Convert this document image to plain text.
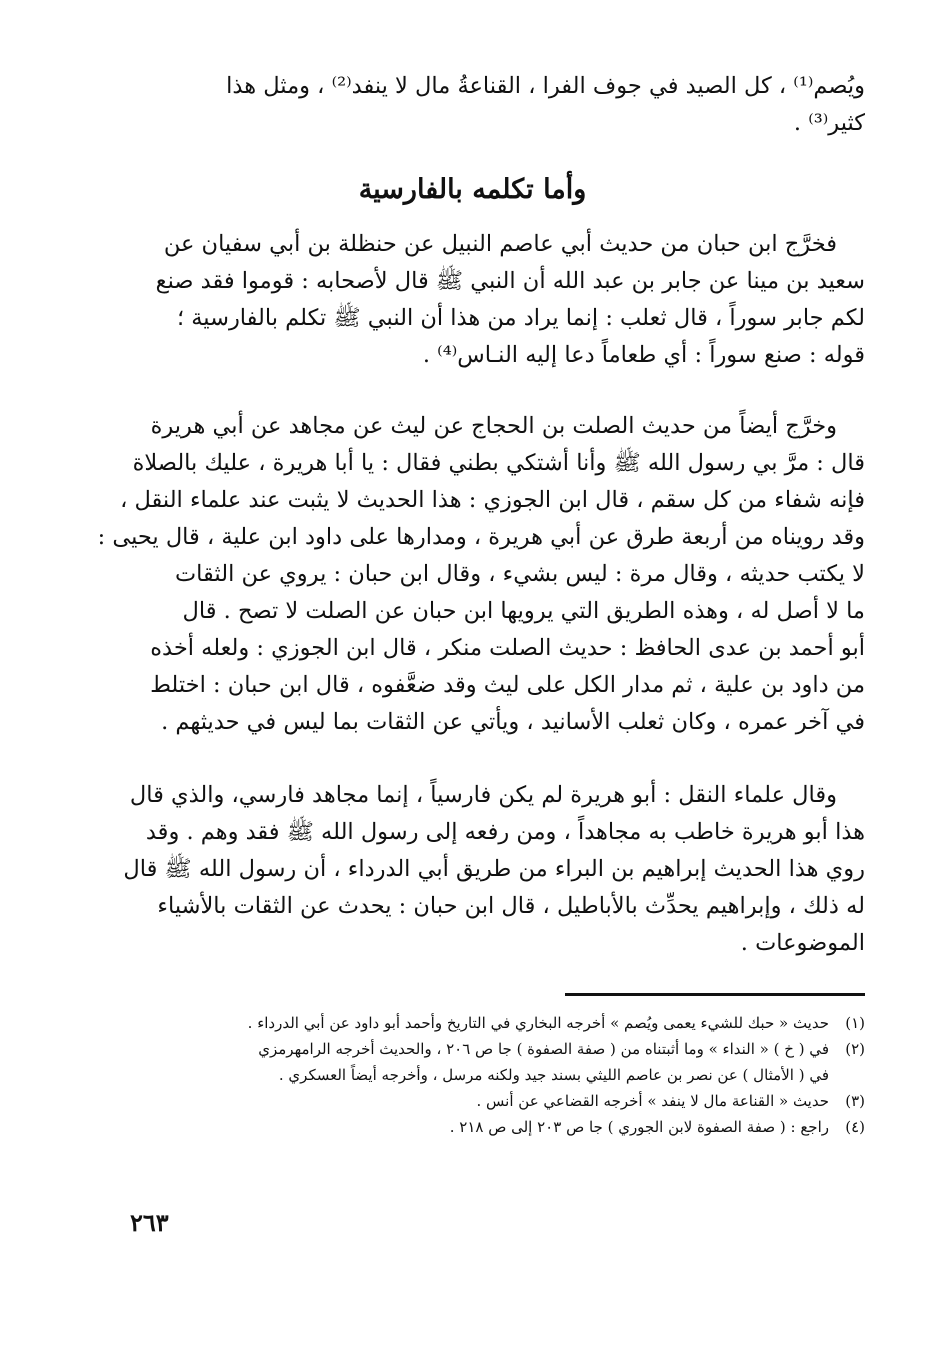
ويُصم⁽¹⁾ ، كل الصيد في جوف الفرا ، القناعةُ مال لا ينفد⁽²⁾ ، ومثل هذا

كثير⁽³⁾ .

وأما تكلمه بالفارسية

فخرَّج ابن حبان من حديث أبي عاصم النبيل عن حنظلة بن أبي سفيان عن

سعيد بن مينا عن جابر بن عبد الله أن النبي ﷺ قال لأصحابه : قوموا فقد صنع

لكم جابر سوراً ، قال ثعلب : إنما يراد من هذا أن النبي ﷺ تكلم بالفارسية ؛

قوله : صنع سوراً : أي طعاماً دعا إليه النـاس⁽⁴⁾ .

وخرَّج أيضاً من حديث الصلت بن الحجاج عن ليث عن مجاهد عن أبي هريرة

قال : مرَّ بي رسول الله ﷺ وأنا أشتكي بطني فقال : يا أبا هريرة ، عليك بالصلاة

فإنه شفاء من كل سقم ، قال ابن الجوزي : هذا الحديث لا يثبت عند علماء النقل ،

وقد رويناه من أربعة طرق عن أبي هريرة ، ومدارها على داود ابن علية ، قال يحيى :

لا يكتب حديثه ، وقال مرة : ليس بشيء ، وقال ابن حبان : يروي عن الثقات

ما لا أصل له ، وهذه الطريق التي يرويها ابن حبان عن الصلت لا تصح . قال

أبو أحمد بن عدى الحافظ : حديث الصلت منكر ، قال ابن الجوزي : ولعله أخذه

من داود بن علية ، ثم مدار الكل على ليث وقد ضعَّفوه ، قال ابن حبان : اختلط

في آخر عمره ، وكان ثعلب الأسانيد ، ويأتي عن الثقات بما ليس في حديثهم .

وقال علماء النقل : أبو هريرة لم يكن فارسياً ، إنما مجاهد فارسي، والذي قال

هذا أبو هريرة خاطب به مجاهداً ، ومن رفعه إلى رسول الله ﷺ فقد وهم . وقد

روي هذا الحديث إبراهيم بن البراء من طريق أبي الدرداء ، أن رسول الله ﷺ قال

له ذلك ، وإبراهيم يحدِّث بالأباطيل ، قال ابن حبان : يحدث عن الثقات بالأشياء

الموضوعات .

(١)
حديث « حبك للشيء يعمى ويُصم » أخرجه البخاري في التاريخ وأحمد أبو داود عن أبي الدرداء .
(٢)
في ( خ ) « النداء » وما أثبتناه من ( صفة الصفوة ) جا ص ٢٠٦ ، والحديث أخرجه الرامهرمزي
في ( الأمثال ) عن نصر بن عاصم الليثي بسند جيد ولكنه مرسل ، وأخرجه أيضاً العسكري .
(٣)
حديث « القناعة مال لا ينفد » أخرجه القضاعي عن أنس .
(٤)
راجع : ( صفة الصفوة لابن الجوري ) جا ص ٢٠٣ إلى ص ٢١٨ .
٢٦٣
